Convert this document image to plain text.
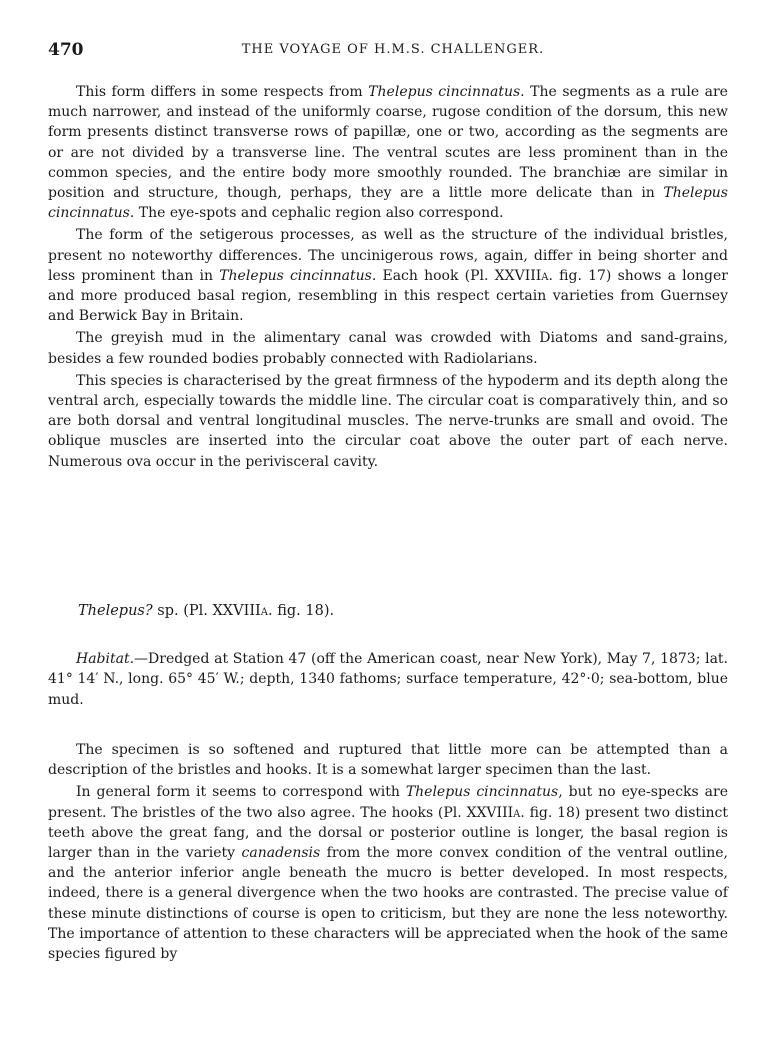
470	THE VOYAGE OF H.M.S. CHALLENGER.

This form differs in some respects from Thelepus cincinnatus. The segments as a rule are much narrower, and instead of the uniformly coarse, rugose condition of the dorsum, this new form presents distinct transverse rows of papillæ, one or two, according as the segments are or are not divided by a transverse line. The ventral scutes are less prominent than in the common species, and the entire body more smoothly rounded. The branchiæ are similar in position and structure, though, perhaps, they are a little more delicate than in Thelepus cincinnatus. The eye-spots and cephalic region also correspond.

The form of the setigerous processes, as well as the structure of the individual bristles, present no noteworthy differences. The uncinigerous rows, again, differ in being shorter and less prominent than in Thelepus cincinnatus. Each hook (Pl. XXVIIIa. fig. 17) shows a longer and more produced basal region, resembling in this respect certain varieties from Guernsey and Berwick Bay in Britain.

The greyish mud in the alimentary canal was crowded with Diatoms and sand-grains, besides a few rounded bodies probably connected with Radiolarians.

This species is characterised by the great firmness of the hypoderm and its depth along the ventral arch, especially towards the middle line. The circular coat is comparatively thin, and so are both dorsal and ventral longitudinal muscles. The nerve-trunks are small and ovoid. The oblique muscles are inserted into the circular coat above the outer part of each nerve. Numerous ova occur in the perivisceral cavity.

Thelepus? sp. (Pl. XXVIIIa. fig. 18).

Habitat.—Dredged at Station 47 (off the American coast, near New York), May 7, 1873; lat. 41° 14′ N., long. 65° 45′ W.; depth, 1340 fathoms; surface temperature, 42°·0; sea-bottom, blue mud.

The specimen is so softened and ruptured that little more can be attempted than a description of the bristles and hooks. It is a somewhat larger specimen than the last.

In general form it seems to correspond with Thelepus cincinnatus, but no eye-specks are present. The bristles of the two also agree. The hooks (Pl. XXVIIIa. fig. 18) present two distinct teeth above the great fang, and the dorsal or posterior outline is longer, the basal region is larger than in the variety canadensis from the more convex condition of the ventral outline, and the anterior inferior angle beneath the mucro is better developed. In most respects, indeed, there is a general divergence when the two hooks are contrasted. The precise value of these minute distinctions of course is open to criticism, but they are none the less noteworthy. The importance of attention to these characters will be appreciated when the hook of the same species figured by
